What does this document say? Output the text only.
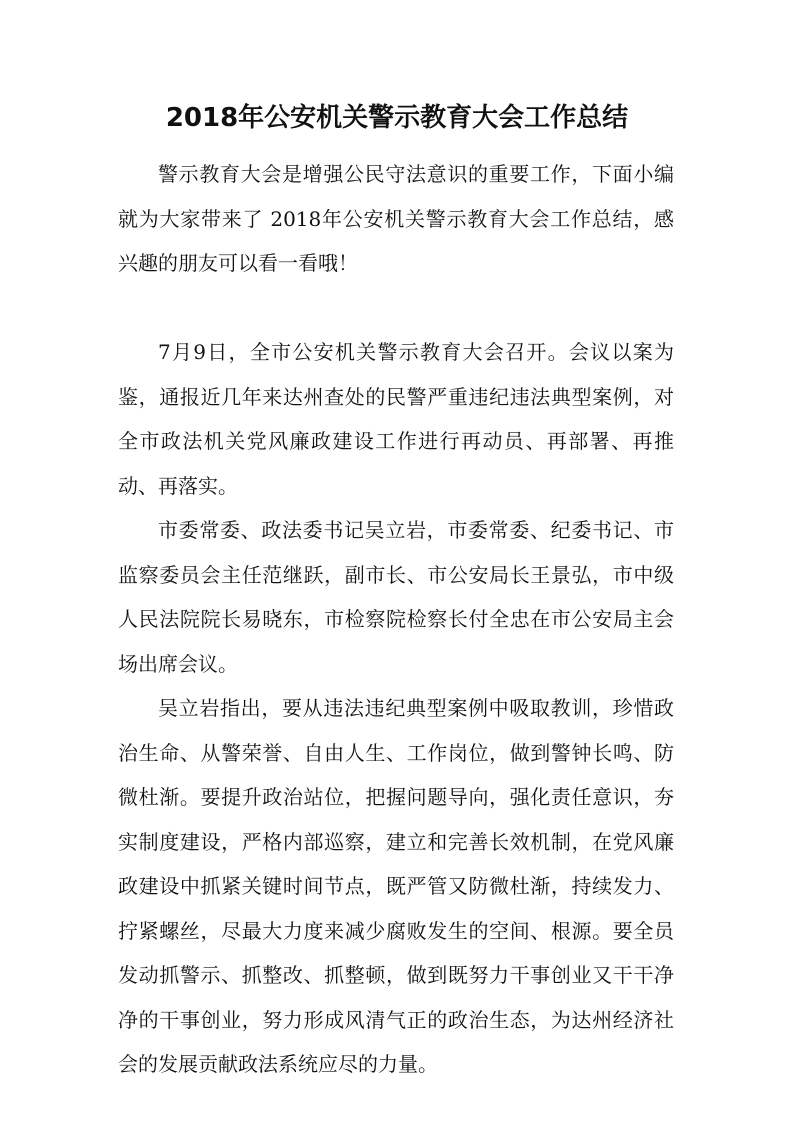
2018年公安机关警示教育大会工作总结

警示教育大会是增强公民守法意识的重要工作，下面小编就为大家带来了 2018年公安机关警示教育大会工作总结，感兴趣的朋友可以看一看哦！

7月9日，全市公安机关警示教育大会召开。会议以案为鉴，通报近几年来达州查处的民警严重违纪违法典型案例，对全市政法机关党风廉政建设工作进行再动员、再部署、再推动、再落实。

市委常委、政法委书记吴立岩，市委常委、纪委书记、市监察委员会主任范继跃，副市长、市公安局长王景弘，市中级人民法院院长易晓东，市检察院检察长付全忠在市公安局主会场出席会议。

吴立岩指出，要从违法违纪典型案例中吸取教训，珍惜政治生命、从警荣誉、自由人生、工作岗位，做到警钟长鸣、防微杜渐。要提升政治站位，把握问题导向，强化责任意识，夯实制度建设，严格内部巡察，建立和完善长效机制，在党风廉政建设中抓紧关键时间节点，既严管又防微杜渐，持续发力、拧紧螺丝，尽最大力度来减少腐败发生的空间、根源。要全员发动抓警示、抓整改、抓整顿，做到既努力干事创业又干干净净的干事创业，努力形成风清气正的政治生态，为达州经济社会的发展贡献政法系统应尽的力量。
